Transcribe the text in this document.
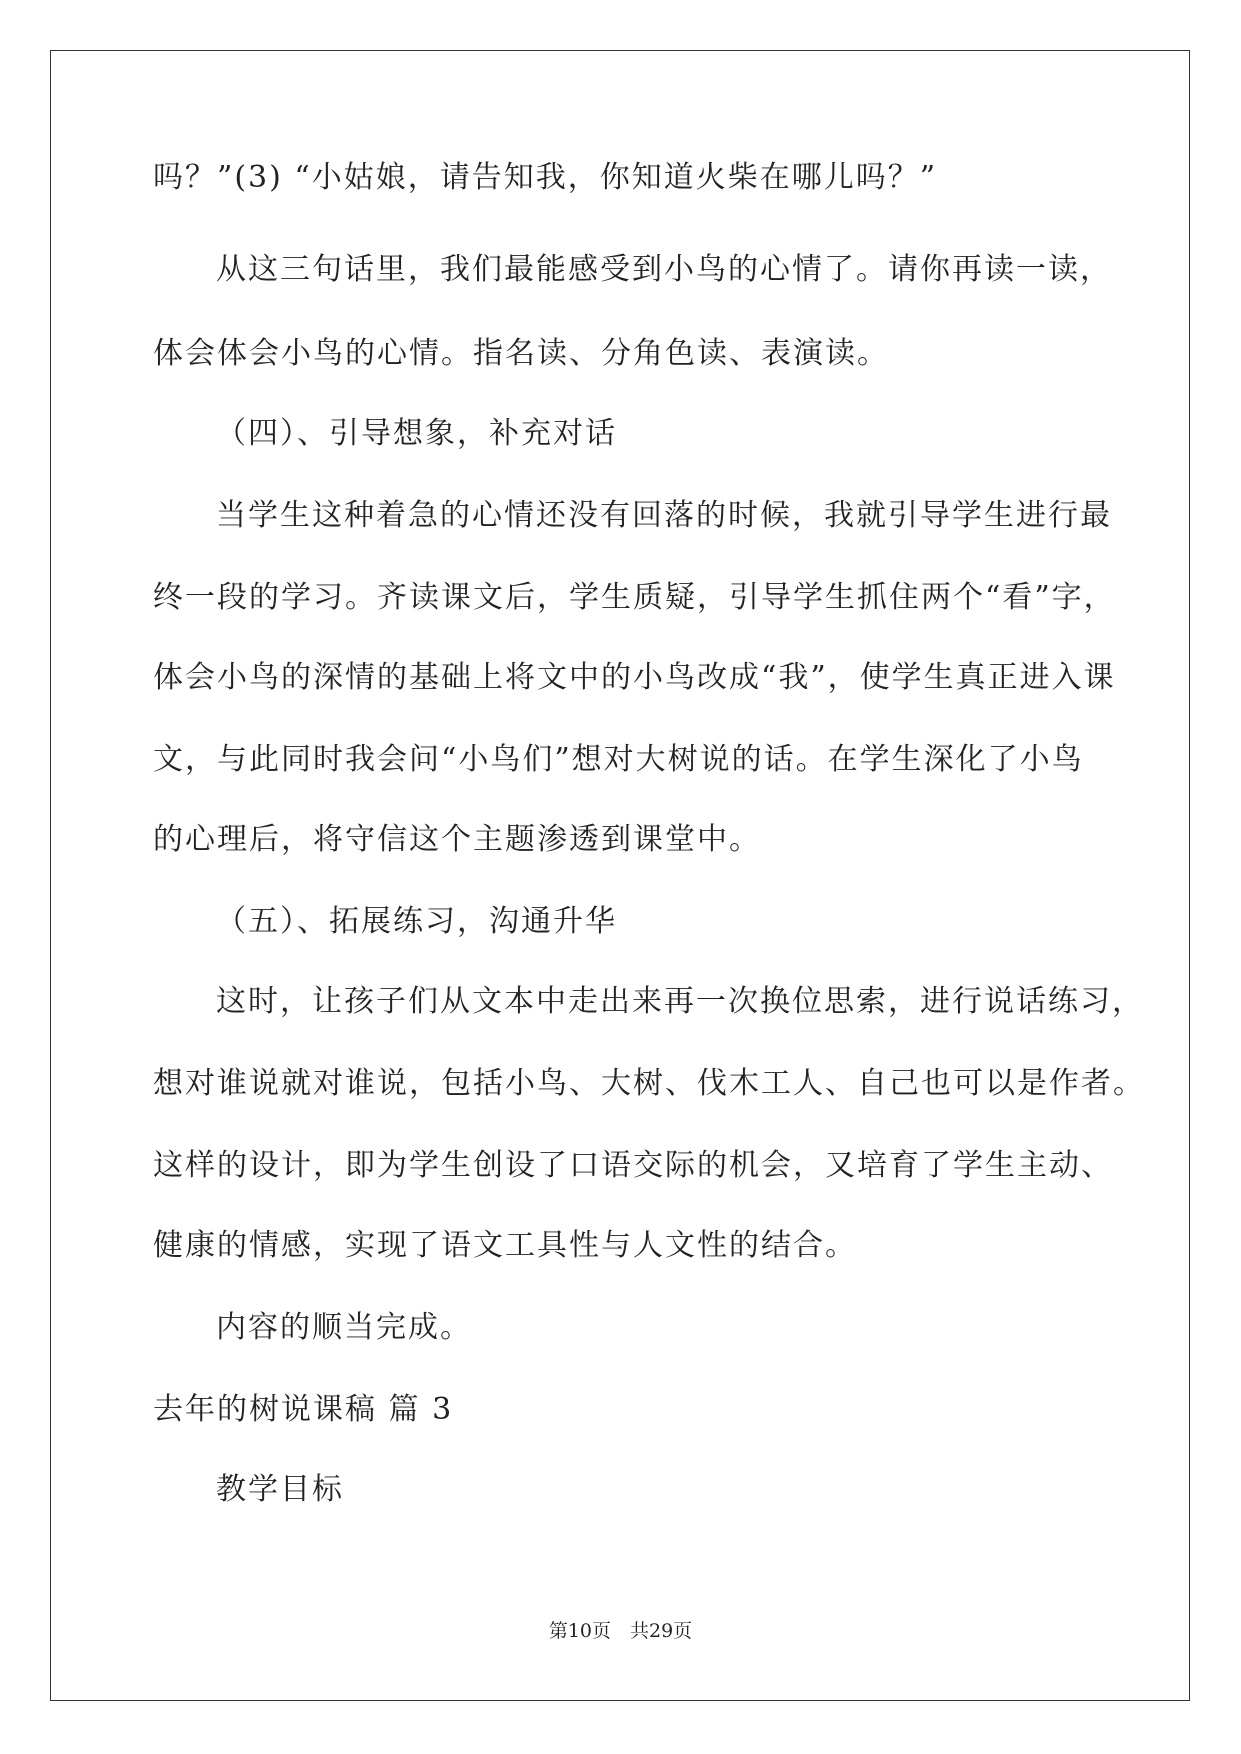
吗？”(3) “小姑娘，请告知我，你知道火柴在哪儿吗？”
从这三句话里，我们最能感受到小鸟的心情了。请你再读一读，
体会体会小鸟的心情。指名读、分角色读、表演读。
（四）、引导想象，补充对话
当学生这种着急的心情还没有回落的时候，我就引导学生进行最
终一段的学习。齐读课文后，学生质疑，引导学生抓住两个“看”字，
体会小鸟的深情的基础上将文中的小鸟改成“我”，使学生真正进入课
文，与此同时我会问“小鸟们”想对大树说的话。在学生深化了小鸟
的心理后，将守信这个主题渗透到课堂中。
（五）、拓展练习，沟通升华
这时，让孩子们从文本中走出来再一次换位思索，进行说话练习，
想对谁说就对谁说，包括小鸟、大树、伐木工人、自己也可以是作者。
这样的设计，即为学生创设了口语交际的机会，又培育了学生主动、
健康的情感，实现了语文工具性与人文性的结合。
内容的顺当完成。
去年的树说课稿 篇 3
教学目标
第10页　共29页
